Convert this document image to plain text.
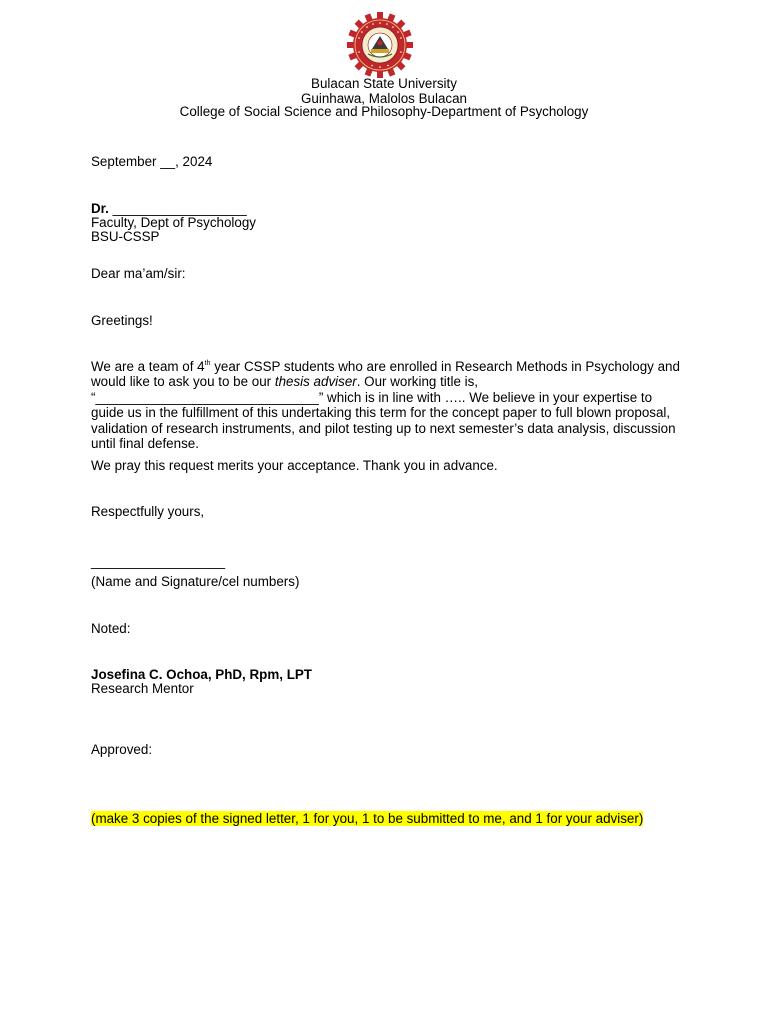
Bulacan State University
Guinhawa, Malolos Bulacan
College of Social Science and Philosophy-Department of Psychology
September __, 2024
Dr. __________________
Faculty, Dept of Psychology
BSU-CSSP
Dear ma’am/sir:
Greetings!
We are a team of 4th year CSSP students who are enrolled in Research Methods in Psychology and would like to ask you to be our thesis adviser. Our working title is, “______________________________” which is in line with ….. We believe in your expertise to guide us in the fulfillment of this undertaking this term for the concept paper to full blown proposal, validation of research instruments, and pilot testing up to next semester’s data analysis, discussion until final defense.
We pray this request merits your acceptance. Thank you in advance.
Respectfully yours,
__________________
(Name and Signature/cel numbers)
Noted:
Josefina C. Ochoa, PhD, Rpm, LPT
Research Mentor
Approved:
(make 3 copies of the signed letter, 1 for you, 1 to be submitted to me, and 1 for your adviser)
